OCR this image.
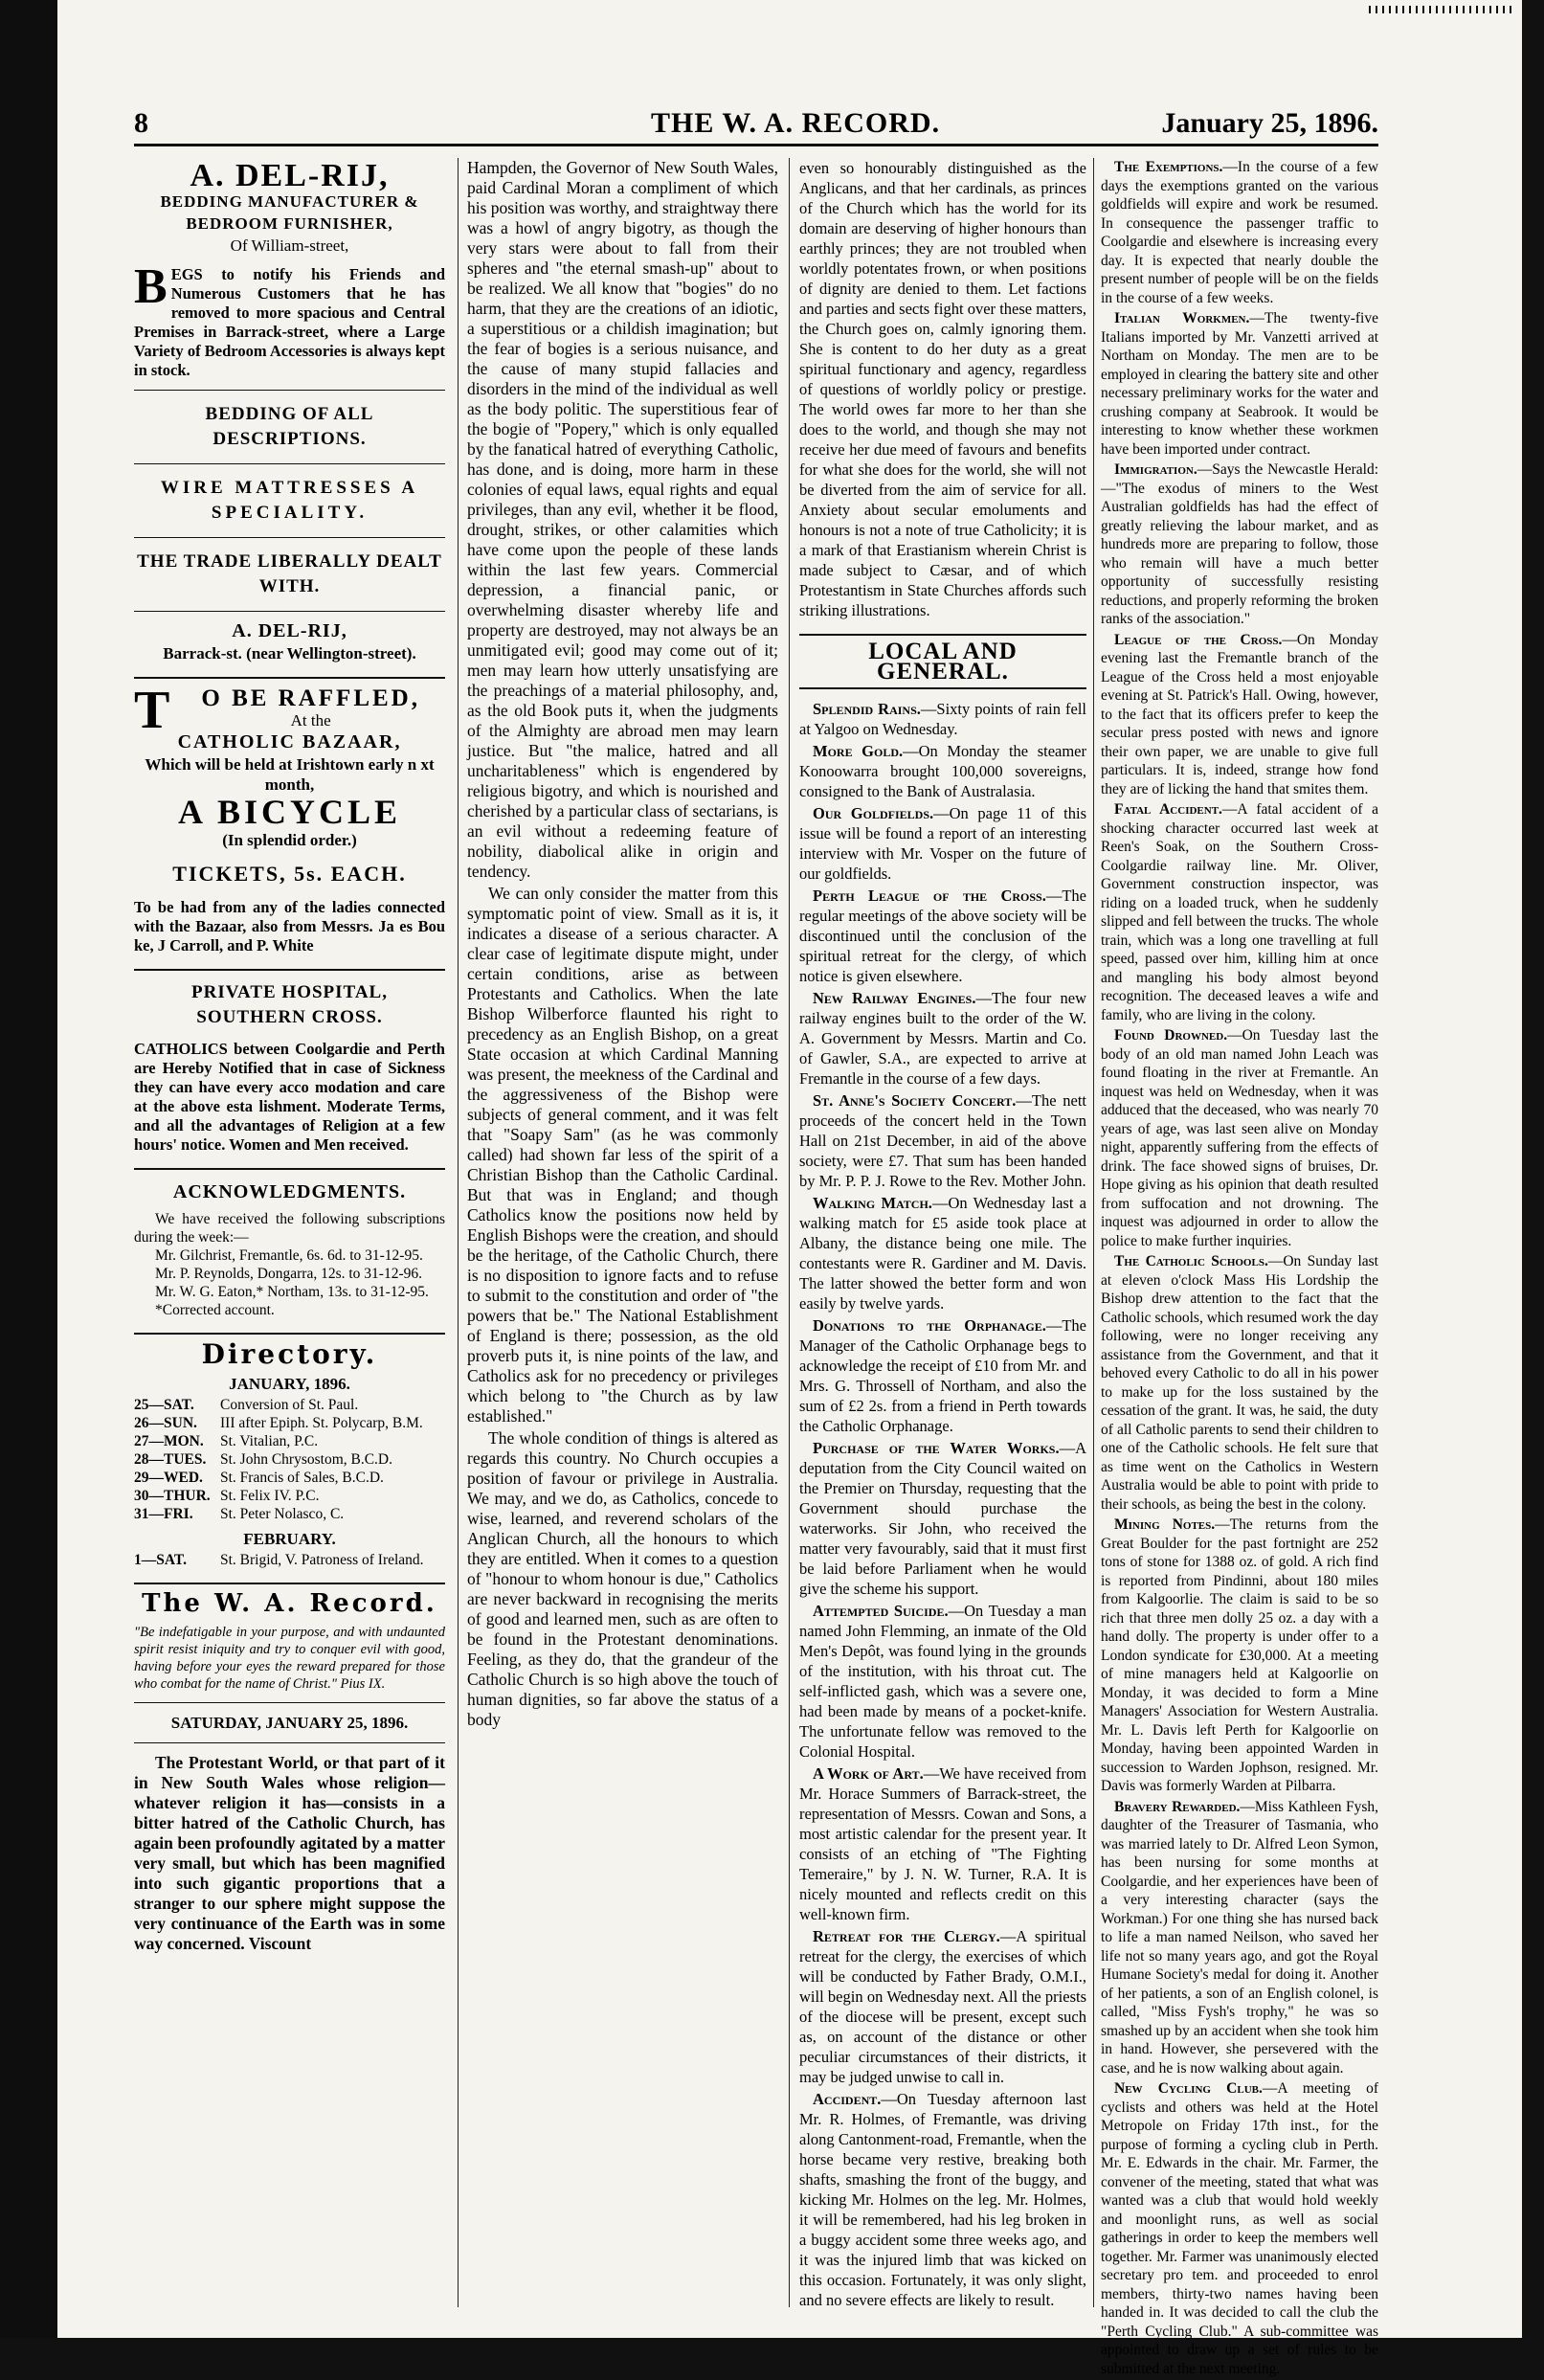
8	THE W. A. RECORD.	January 25, 1896.
A. DEL-RIJ,
BEDDING MANUFACTURER &
BEDROOM FURNISHER,
Of William-street,
BEGS to notify his Friends and Numerous Customers that he has removed to more spacious and Central Premises in Barrack-street, where a Large Variety of Bedroom Accessories is always kept in stock.
BEDDING OF ALL DESCRIPTIONS.
WIRE MATTRESSES A SPECIALITY.
THE TRADE LIBERALLY DEALT WITH.
A. DEL-RIJ,
Barrack-st. (near Wellington-street).
T O BE RAFFLED,
At the
CATHOLIC BAZAAR,
Which will be held at Irishtown early n xt month,
A BICYCLE
(In splendid order.)
TICKETS, 5s. EACH.
To be had from any of the ladies connected with the Bazaar, also from Messrs. Ja es Bou ke, J Carroll, and P. White
PRIVATE HOSPITAL, SOUTHERN CROSS.
CATHOLICS between Coolgardie and Perth are Hereby Notified that in case of Sickness they can have every acco modation and care at the above esta lishment. Moderate Terms, and all the advantages of Religion at a few hours' notice. Women and Men received.
ACKNOWLEDGMENTS.
We have received the following subscriptions during the week:—
Mr. Gilchrist, Fremantle, 6s. 6d. to 31-12-95.
Mr. P. Reynolds, Dongarra, 12s. to 31-12-96.
Mr. W. G. Eaton,* Northam, 13s. to 31-12-95.
*Corrected account.
Directory.
JANUARY, 1896.
25—SAT.	Conversion of St. Paul.
26—SUN.	III after Epiph. St. Polycarp, B.M.
27—MON.	St. Vitalian, P.C.
28—TUES. St. John Chrysostom, B.C.D.
29—WED.	St. Francis of Sales, B.C.D.
30—THUR. St. Felix IV. P.C.
31—FRI.	St. Peter Nolasco, C.
FEBRUARY.
1—SAT.	St. Brigid, V. Patroness of Ireland.
The W. A. Record.
"Be indefatigable in your purpose, and with undaunted spirit resist iniquity and try to conquer evil with good, having before your eyes the reward prepared for those who combat for the name of Christ." Pius IX.
SATURDAY, JANUARY 25, 1896.

The Protestant World, or that part of it in New South Wales whose religion—whatever religion it has—consists in a bitter hatred of the Catholic Church, has again been profoundly agitated by a matter very small, but which has been magnified into such gigantic proportions that a stranger to our sphere might suppose the very continuance of the Earth was in some way concerned. Viscount

Hampden, the Governor of New South Wales, paid Cardinal Moran a compliment of which his position was worthy, and straightway there was a howl of angry bigotry, as though the very stars were about to fall from their spheres and "the eternal smash-up" about to be realized. We all know that "bogies" do no harm, that they are the creations of an idiotic, a superstitious or a childish imagination; but the fear of bogies is a serious nuisance, and the cause of many stupid fallacies and disorders in the mind of the individual as well as the body politic. The superstitious fear of the bogie of "Popery," which is only equalled by the fanatical hatred of everything Catholic, has done, and is doing, more harm in these colonies of equal laws, equal rights and equal privileges, than any evil, whether it be flood, drought, strikes, or other calamities which have come upon the people of these lands within the last few years. Commercial depression, a financial panic, or overwhelming disaster whereby life and property are destroyed, may not always be an unmitigated evil; good may come out of it; men may learn how utterly unsatisfying are the preachings of a material philosophy, and, as the old Book puts it, when the judgments of the Almighty are abroad men may learn justice. But "the malice, hatred and all uncharitableness" which is engendered by religious bigotry, and which is nourished and cherished by a particular class of sectarians, is an evil without a redeeming feature of nobility, diabolical alike in origin and tendency.

We can only consider the matter from this symptomatic point of view. Small as it is, it indicates a disease of a serious character. A clear case of legitimate dispute might, under certain conditions, arise as between Protestants and Catholics. When the late Bishop Wilberforce flaunted his right to precedency as an English Bishop, on a great State occasion at which Cardinal Manning was present, the meekness of the Cardinal and the aggressiveness of the Bishop were subjects of general comment, and it was felt that "Soapy Sam" (as he was commonly called) had shown far less of the spirit of a Christian Bishop than the Catholic Cardinal. But that was in England; and though Catholics know the positions now held by English Bishops were the creation, and should be the heritage, of the Catholic Church, there is no disposition to ignore facts and to refuse to submit to the constitution and order of "the powers that be." The National Establishment of England is there; possession, as the old proverb puts it, is nine points of the law, and Catholics ask for no precedency or privileges which belong to "the Church as by law established."

The whole condition of things is altered as regards this country. No Church occupies a position of favour or privilege in Australia. We may, and we do, as Catholics, concede to wise, learned, and reverend scholars of the Anglican Church, all the honours to which they are entitled. When it comes to a question of "honour to whom honour is due," Catholics are never backward in recognising the merits of good and learned men, such as are often to be found in the Protestant denominations. Feeling, as they do, that the grandeur of the Catholic Church is so high above the touch of human dignities, so far above the status of a body

even so honourably distinguished as the Anglicans, and that her cardinals, as princes of the Church which has the world for its domain are deserving of higher honours than earthly princes; they are not troubled when worldly potentates frown, or when positions of dignity are denied to them. Let factions and parties and sects fight over these matters, the Church goes on, calmly ignoring them. She is content to do her duty as a great spiritual functionary and agency, regardless of questions of worldly policy or prestige. The world owes far more to her than she does to the world, and though she may not receive her due meed of favours and benefits for what she does for the world, she will not be diverted from the aim of service for all. Anxiety about secular emoluments and honours is not a note of true Catholicity; it is a mark of that Erastianism wherein Christ is made subject to Cæsar, and of which Protestantism in State Churches affords such striking illustrations.

LOCAL AND GENERAL.

Splendid Rains.—Sixty points of rain fell at Yalgoo on Wednesday.

More Gold.—On Monday the steamer Konoowarra brought 100,000 sovereigns, consigned to the Bank of Australasia.

Our Goldfields.—On page 11 of this issue will be found a report of an interesting interview with Mr. Vosper on the future of our goldfields.

Perth League of the Cross.—The regular meetings of the above society will be discontinued until the conclusion of the spiritual retreat for the clergy, of which notice is given elsewhere.

New Railway Engines.—The four new railway engines built to the order of the W. A. Government by Messrs. Martin and Co. of Gawler, S.A., are expected to arrive at Fremantle in the course of a few days.

St. Anne's Society Concert.—The nett proceeds of the concert held in the Town Hall on 21st December, in aid of the above society, were £7. That sum has been handed by Mr. P. P. J. Rowe to the Rev. Mother John.

Walking Match.—On Wednesday last a walking match for £5 aside took place at Albany, the distance being one mile. The contestants were R. Gardiner and M. Davis. The latter showed the better form and won easily by twelve yards.

Donations to the Orphanage.—The Manager of the Catholic Orphanage begs to acknowledge the receipt of £10 from Mr. and Mrs. G. Throssell of Northam, and also the sum of £2 2s. from a friend in Perth towards the Catholic Orphanage.

Purchase of the Water Works.—A deputation from the City Council waited on the Premier on Thursday, requesting that the Government should purchase the waterworks. Sir John, who received the matter very favourably, said that it must first be laid before Parliament when he would give the scheme his support.

Attempted Suicide.—On Tuesday a man named John Flemming, an inmate of the Old Men's Depôt, was found lying in the grounds of the institution, with his throat cut. The self-inflicted gash, which was a severe one, had been made by means of a pocket-knife. The unfortunate fellow was removed to the Colonial Hospital.

A Work of Art.—We have received from Mr. Horace Summers of Barrack-street, the representation of Messrs. Cowan and Sons, a most artistic calendar for the present year. It consists of an etching of "The Fighting Temeraire," by J. N. W. Turner, R.A. It is nicely mounted and reflects credit on this well-known firm.

Retreat for the Clergy.—A spiritual retreat for the clergy, the exercises of which will be conducted by Father Brady, O.M.I., will begin on Wednesday next. All the priests of the diocese will be present, except such as, on account of the distance or other peculiar circumstances of their districts, it may be judged unwise to call in.

Accident.—On Tuesday afternoon last Mr. R. Holmes, of Fremantle, was driving along Cantonment-road, Fremantle, when the horse became very restive, breaking both shafts, smashing the front of the buggy, and kicking Mr. Holmes on the leg. Mr. Holmes, it will be remembered, had his leg broken in a buggy accident some three weeks ago, and it was the injured limb that was kicked on this occasion. Fortunately, it was only slight, and no severe effects are likely to result.

The Exemptions.—In the course of a few days the exemptions granted on the various goldfields will expire and work be resumed. In consequence the passenger traffic to Coolgardie and elsewhere is increasing every day. It is expected that nearly double the present number of people will be on the fields in the course of a few weeks.

Italian Workmen.—The twenty-five Italians imported by Mr. Vanzetti arrived at Northam on Monday. The men are to be employed in clearing the battery site and other necessary preliminary works for the water and crushing company at Seabrook. It would be interesting to know whether these workmen have been imported under contract.

Immigration.—Says the Newcastle Herald:—"The exodus of miners to the West Australian goldfields has had the effect of greatly relieving the labour market, and as hundreds more are preparing to follow, those who remain will have a much better opportunity of successfully resisting reductions, and properly reforming the broken ranks of the association."

League of the Cross.—On Monday evening last the Fremantle branch of the League of the Cross held a most enjoyable evening at St. Patrick's Hall. Owing, however, to the fact that its officers prefer to keep the secular press posted with news and ignore their own paper, we are unable to give full particulars. It is, indeed, strange how fond they are of licking the hand that smites them.

Fatal Accident.—A fatal accident of a shocking character occurred last week at Reen's Soak, on the Southern Cross-Coolgardie railway line. Mr. Oliver, Government construction inspector, was riding on a loaded truck, when he suddenly slipped and fell between the trucks. The whole train, which was a long one travelling at full speed, passed over him, killing him at once and mangling his body almost beyond recognition. The deceased leaves a wife and family, who are living in the colony.

Found Drowned.—On Tuesday last the body of an old man named John Leach was found floating in the river at Fremantle. An inquest was held on Wednesday, when it was adduced that the deceased, who was nearly 70 years of age, was last seen alive on Monday night, apparently suffering from the effects of drink. The face showed signs of bruises, Dr. Hope giving as his opinion that death resulted from suffocation and not drowning. The inquest was adjourned in order to allow the police to make further inquiries.

The Catholic Schools.—On Sunday last at eleven o'clock Mass His Lordship the Bishop drew attention to the fact that the Catholic schools, which resumed work the day following, were no longer receiving any assistance from the Government, and that it behoved every Catholic to do all in his power to make up for the loss sustained by the cessation of the grant. It was, he said, the duty of all Catholic parents to send their children to one of the Catholic schools. He felt sure that as time went on the Catholics in Western Australia would be able to point with pride to their schools, as being the best in the colony.

Mining Notes.—The returns from the Great Boulder for the past fortnight are 252 tons of stone for 1388 oz. of gold. A rich find is reported from Pindinni, about 180 miles from Kalgoorlie. The claim is said to be so rich that three men dolly 25 oz. a day with a hand dolly. The property is under offer to a London syndicate for £30,000. At a meeting of mine managers held at Kalgoorlie on Monday, it was decided to form a Mine Managers' Association for Western Australia. Mr. L. Davis left Perth for Kalgoorlie on Monday, having been appointed Warden in succession to Warden Jophson, resigned. Mr. Davis was formerly Warden at Pilbarra.

Bravery Rewarded.—Miss Kathleen Fysh, daughter of the Treasurer of Tasmania, who was married lately to Dr. Alfred Leon Symon, has been nursing for some months at Coolgardie, and her experiences have been of a very interesting character (says the Workman.) For one thing she has nursed back to life a man named Neilson, who saved her life not so many years ago, and got the Royal Humane Society's medal for doing it. Another of her patients, a son of an English colonel, is called, "Miss Fysh's trophy," he was so smashed up by an accident when she took him in hand. However, she persevered with the case, and he is now walking about again.

New Cycling Club.—A meeting of cyclists and others was held at the Hotel Metropole on Friday 17th inst., for the purpose of forming a cycling club in Perth. Mr. E. Edwards in the chair. Mr. Farmer, the convener of the meeting, stated that what was wanted was a club that would hold weekly and moonlight runs, as well as social gatherings in order to keep the members well together. Mr. Farmer was unanimously elected secretary pro tem. and proceeded to enrol members, thirty-two names having been handed in. It was decided to call the club the "Perth Cycling Club." A sub-committee was appointed to draw up a set of rules to be submitted at the next meeting.
